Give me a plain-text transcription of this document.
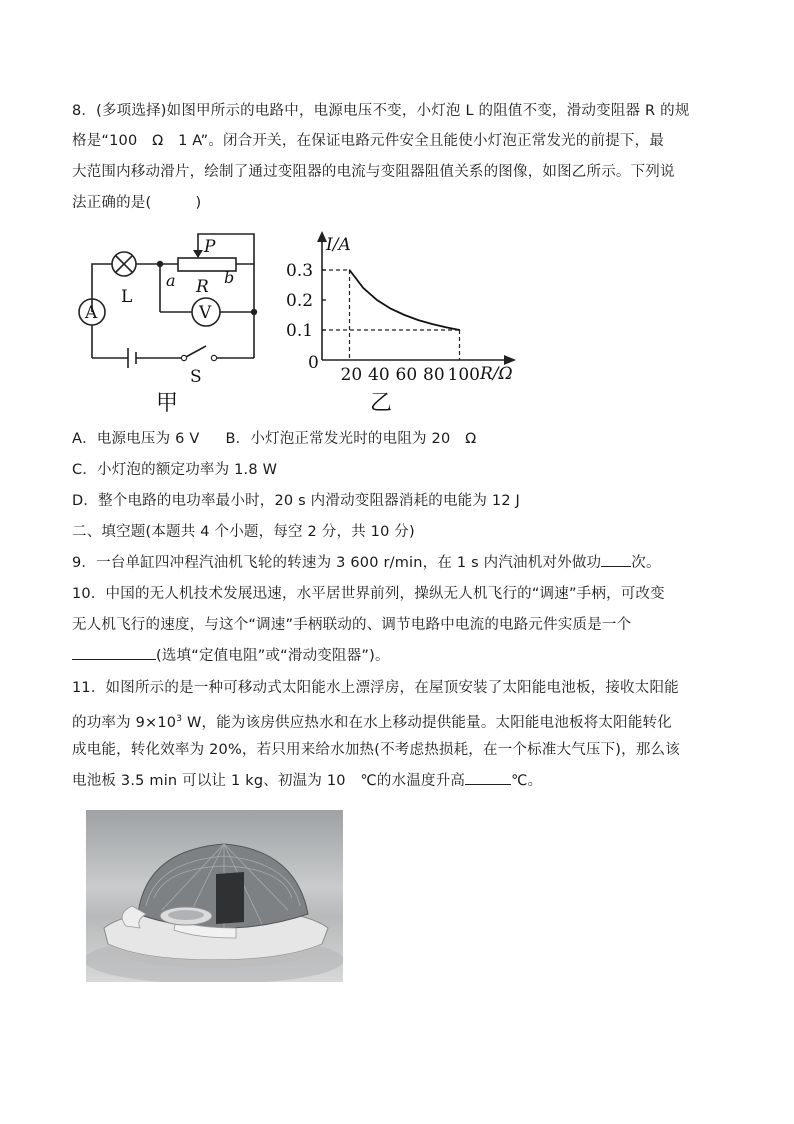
8．(多项选择)如图甲所示的电路中，电源电压不变，小灯泡 L 的阻值不变，滑动变阻器 R 的规
格是“100　Ω　1 A”。闭合开关，在保证电路元件安全且能使小灯泡正常发光的前提下，最
大范围内移动滑片，绘制了通过变阻器的电流与变阻器阻值关系的图像，如图乙所示。下列说
法正确的是(　　　)
L
P
R
a	b
A	V
S
甲
I/A
R/Ω
0
乙
20 40 60 80 100
0.1
0.2
0.3
A．电源电压为 6 V B．小灯泡正常发光时的电阻为 20　Ω
C．小灯泡的额定功率为 1.8 W
D．整个电路的电功率最小时，20 s 内滑动变阻器消耗的电能为 12 J
二、填空题(本题共 4 个小题，每空 2 分，共 10 分)
9．一台单缸四冲程汽油机飞轮的转速为 3 600 r/min，在 1 s 内汽油机对外做功 次。
10．中国的无人机技术发展迅速，水平居世界前列，操纵无人机飞行的“调速”手柄，可改变
无人机飞行的速度，与这个“调速”手柄联动的、调节电路中电流的电路元件实质是一个
(选填“定值电阻”或“滑动变阻器”)。
11．如图所示的是一种可移动式太阳能水上漂浮房，在屋顶安装了太阳能电池板，接收太阳能
的功率为 $9\times 10^3$ W，能为该房供应热水和在水上移动提供能量。太阳能电池板将太阳能转化
成电能，转化效率为 20%，若只用来给水加热(不考虑热损耗，在一个标准大气压下)，那么该
电池板 3.5 min 可以让 1 kg、初温为 10　℃的水温度升高	℃。
